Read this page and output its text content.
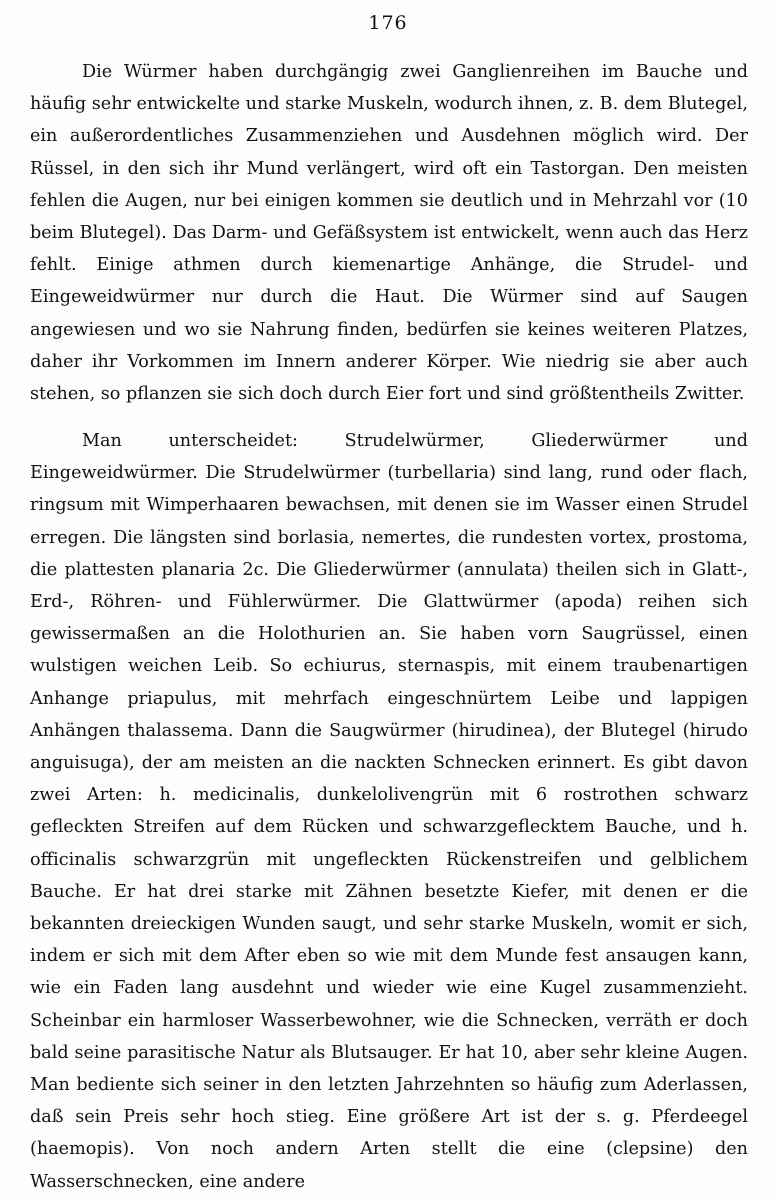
176

Die Würmer haben durchgängig zwei Ganglienreihen im Bauche und häufig sehr entwickelte und starke Muskeln, wodurch ihnen, z. B. dem Blutegel, ein außerordentliches Zusammenziehen und Ausdehnen möglich wird. Der Rüssel, in den sich ihr Mund verlängert, wird oft ein Tastorgan. Den meisten fehlen die Augen, nur bei einigen kommen sie deutlich und in Mehrzahl vor (10 beim Blutegel). Das Darm- und Gefäßsystem ist entwickelt, wenn auch das Herz fehlt. Einige athmen durch kiemenartige Anhänge, die Strudel- und Eingeweidwürmer nur durch die Haut. Die Würmer sind auf Saugen angewiesen und wo sie Nahrung finden, bedürfen sie keines weiteren Platzes, daher ihr Vorkommen im Innern anderer Körper. Wie niedrig sie aber auch stehen, so pflanzen sie sich doch durch Eier fort und sind größtentheils Zwitter.

Man unterscheidet: Strudelwürmer, Gliederwürmer und Eingeweidwürmer. Die Strudelwürmer (turbellaria) sind lang, rund oder flach, ringsum mit Wimperhaaren bewachsen, mit denen sie im Wasser einen Strudel erregen. Die längsten sind borlasia, nemertes, die rundesten vortex, prostoma, die plattesten planaria 2c. Die Gliederwürmer (annulata) theilen sich in Glatt-, Erd-, Röhren- und Fühlerwürmer. Die Glattwürmer (apoda) reihen sich gewissermaßen an die Holothurien an. Sie haben vorn Saugrüssel, einen wulstigen weichen Leib. So echiurus, sternaspis, mit einem traubenartigen Anhange priapulus, mit mehrfach eingeschnürtem Leibe und lappigen Anhängen thalassema. Dann die Saugwürmer (hirudinea), der Blutegel (hirudo anguisuga), der am meisten an die nackten Schnecken erinnert. Es gibt davon zwei Arten: h. medicinalis, dunkelolivengrün mit 6 rostrothen schwarz gefleckten Streifen auf dem Rücken und schwarzgeflecktem Bauche, und h. officinalis schwarzgrün mit ungefleckten Rückenstreifen und gelblichem Bauche. Er hat drei starke mit Zähnen besetzte Kiefer, mit denen er die bekannten dreieckigen Wunden saugt, und sehr starke Muskeln, womit er sich, indem er sich mit dem After eben so wie mit dem Munde fest ansaugen kann, wie ein Faden lang ausdehnt und wieder wie eine Kugel zusammenzieht. Scheinbar ein harmloser Wasserbewohner, wie die Schnecken, verräth er doch bald seine parasitische Natur als Blutsauger. Er hat 10, aber sehr kleine Augen. Man bediente sich seiner in den letzten Jahrzehnten so häufig zum Aderlassen, daß sein Preis sehr hoch stieg. Eine größere Art ist der s. g. Pferdeegel (haemopis). Von noch andern Arten stellt die eine (clepsine) den Wasserschnecken, eine andere
